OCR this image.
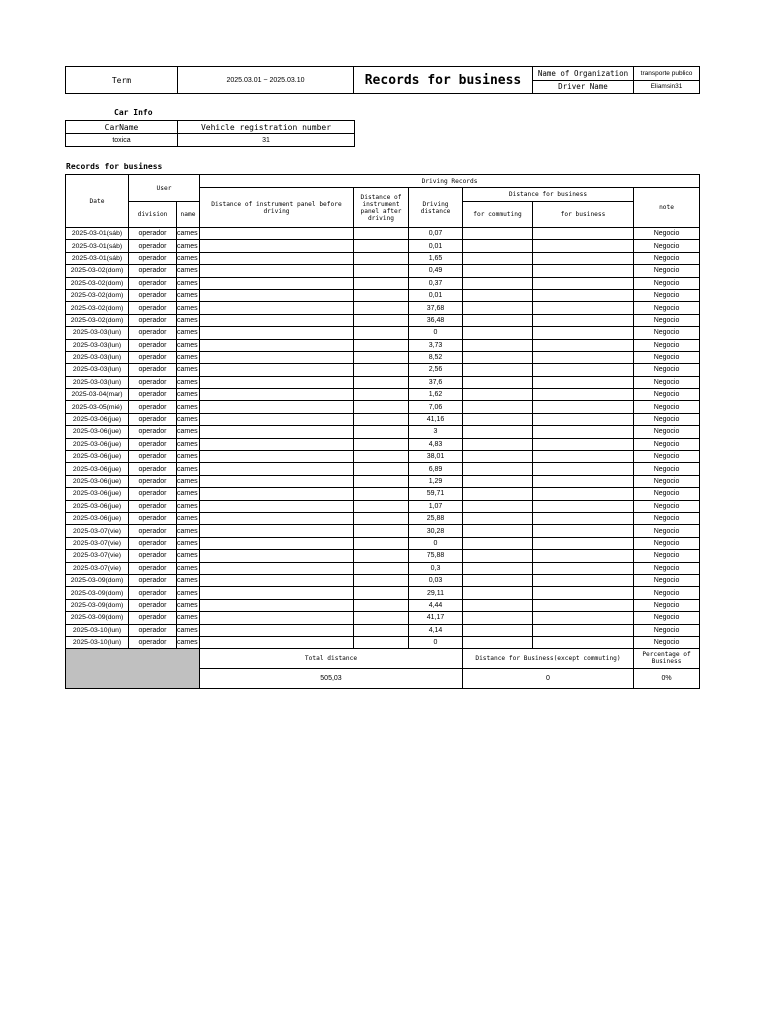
Term	2025.03.01 ~ 2025.03.10	Records for business	Name of Organization	transporte publico
			Driver Name	Eliamsin31
Car Info
CarName	Vehicle registration number
toxica	31
Records for business
Date	User		Driving Records					
			Distance of instrument panel before driving	Distance of instrument panel after driving	Driving distance	Distance for business		note
	division	name				for commuting	for business	
2025-03-01(sáb)	operador	cames			0,07			Negocio
2025-03-01(sáb)	operador	cames			0,01			Negocio
2025-03-01(sáb)	operador	cames			1,65			Negocio
2025-03-02(dom)	operador	cames			0,49			Negocio
2025-03-02(dom)	operador	cames			0,37			Negocio
2025-03-02(dom)	operador	cames			0,01			Negocio
2025-03-02(dom)	operador	cames			37,68			Negocio
2025-03-02(dom)	operador	cames			36,48			Negocio
2025-03-03(lun)	operador	cames			0			Negocio
2025-03-03(lun)	operador	cames			3,73			Negocio
2025-03-03(lun)	operador	cames			8,52			Negocio
2025-03-03(lun)	operador	cames			2,56			Negocio
2025-03-03(lun)	operador	cames			37,6			Negocio
2025-03-04(mar)	operador	cames			1,62			Negocio
2025-03-05(mié)	operador	cames			7,06			Negocio
2025-03-06(jue)	operador	cames			41,16			Negocio
2025-03-06(jue)	operador	cames			3			Negocio
2025-03-06(jue)	operador	cames			4,83			Negocio
2025-03-06(jue)	operador	cames			38,01			Negocio
2025-03-06(jue)	operador	cames			6,89			Negocio
2025-03-06(jue)	operador	cames			1,29			Negocio
2025-03-06(jue)	operador	cames			59,71			Negocio
2025-03-06(jue)	operador	cames			1,07			Negocio
2025-03-06(jue)	operador	cames			25,88			Negocio
2025-03-07(vie)	operador	cames			30,28			Negocio
2025-03-07(vie)	operador	cames			0			Negocio
2025-03-07(vie)	operador	cames			75,88			Negocio
2025-03-07(vie)	operador	cames			0,3			Negocio
2025-03-09(dom)	operador	cames			0,03			Negocio
2025-03-09(dom)	operador	cames			29,11			Negocio
2025-03-09(dom)	operador	cames			4,44			Negocio
2025-03-09(dom)	operador	cames			41,17			Negocio
2025-03-10(lun)	operador	cames			4,14			Negocio
2025-03-10(lun)	operador	cames			0			Negocio
			Total distance			Distance for Business(except commuting)		Percentage of Business
			505,03			0		0%
